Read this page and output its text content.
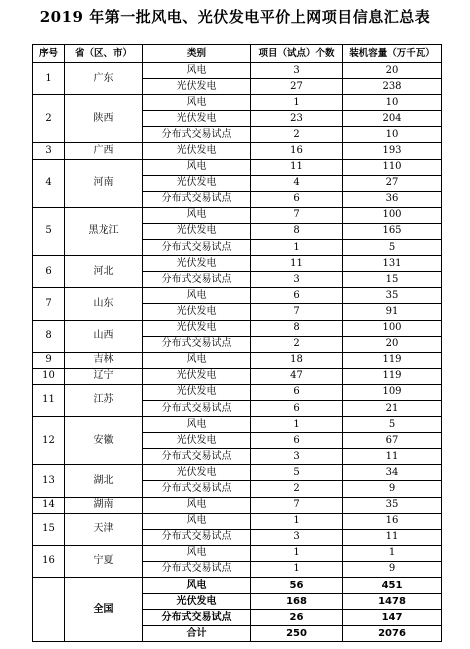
2019 年第一批风电、光伏发电平价上网项目信息汇总表
序号	省（区、市）	类别	项目（试点）个数	装机容量（万千瓦）
1	广东	风电	3	20
		光伏发电	27	238
2	陕西	风电	1	10
		光伏发电	23	204
		分布式交易试点	2	10
3	广西	光伏发电	16	193
4	河南	风电	11	110
		光伏发电	4	27
		分布式交易试点	6	36
5	黑龙江	风电	7	100
		光伏发电	8	165
		分布式交易试点	1	5
6	河北	光伏发电	11	131
		分布式交易试点	3	15
7	山东	风电	6	35
		光伏发电	7	91
8	山西	光伏发电	8	100
		分布式交易试点	2	20
9	吉林	风电	18	119
10	辽宁	光伏发电	47	119
11	江苏	光伏发电	6	109
		分布式交易试点	6	21
12	安徽	风电	1	5
		光伏发电	6	67
		分布式交易试点	3	11
13	湖北	光伏发电	5	34
		分布式交易试点	2	9
14	湖南	风电	7	35
15	天津	风电	1	16
		分布式交易试点	3	11
16	宁夏	风电	1	1
		分布式交易试点	1	9
	全国	风电	56	451
		光伏发电	168	1478
		分布式交易试点	26	147
		合计	250	2076
